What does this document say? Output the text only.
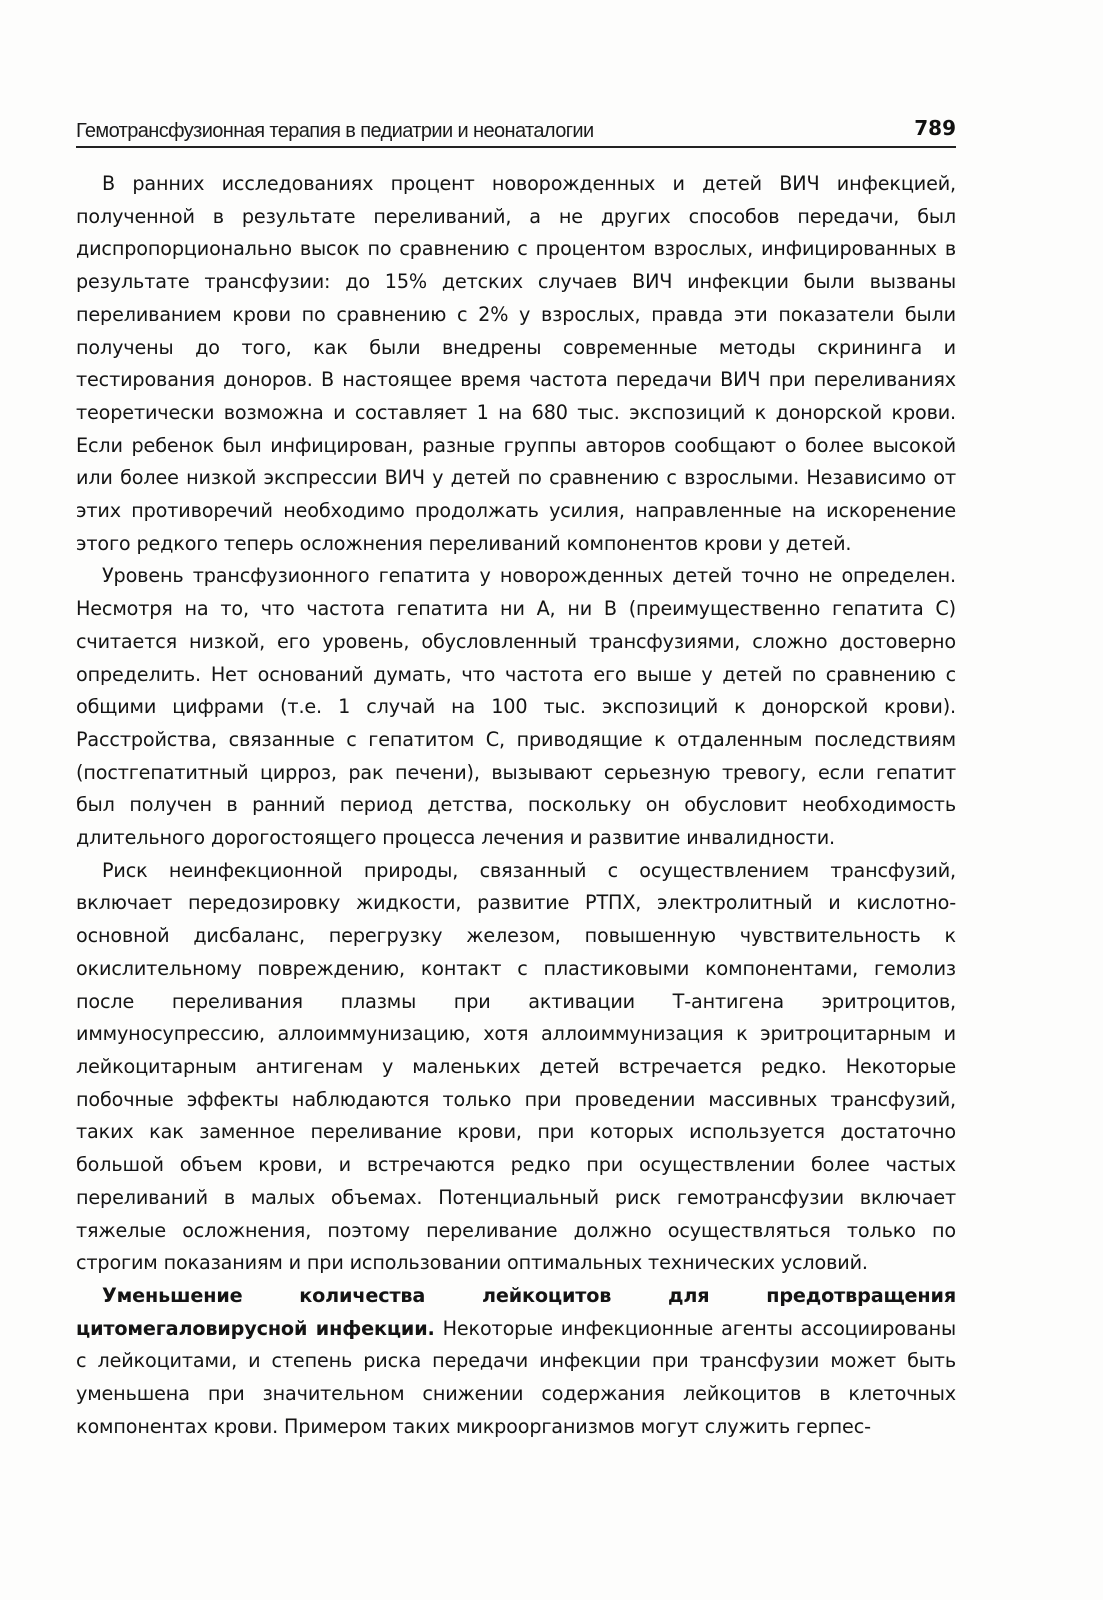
Гемотрансфузионная терапия в педиатрии и неонаталогии	789

В ранних исследованиях процент новорожденных и детей ВИЧ инфекцией, полученной в результате переливаний, а не других способов передачи, был диспропорционально высок по сравнению с процентом взрослых, инфицированных в результате трансфузии: до 15% детских случаев ВИЧ инфекции были вызваны переливанием крови по сравнению с 2% у взрослых, правда эти показатели были получены до того, как были внедрены современные методы скрининга и тестирования доноров. В настоящее время частота передачи ВИЧ при переливаниях теоретически возможна и составляет 1 на 680 тыс. экспозиций к донорской крови. Если ребенок был инфицирован, разные группы авторов сообщают о более высокой или более низкой экспрессии ВИЧ у детей по сравнению с взрослыми. Независимо от этих противоречий необходимо продолжать усилия, направленные на искоренение этого редкого теперь осложнения переливаний компонентов крови у детей.

Уровень трансфузионного гепатита у новорожденных детей точно не определен. Несмотря на то, что частота гепатита ни А, ни В (преимущественно гепатита С) считается низкой, его уровень, обусловленный трансфузиями, сложно достоверно определить. Нет оснований думать, что частота его выше у детей по сравнению с общими цифрами (т.е. 1 случай на 100 тыс. экспозиций к донорской крови). Расстройства, связанные с гепатитом С, приводящие к отдаленным последствиям (постгепатитный цирроз, рак печени), вызывают серьезную тревогу, если гепатит был получен в ранний период детства, поскольку он обусловит необходимость длительного дорогостоящего процесса лечения и развитие инвалидности.

Риск неинфекционной природы, связанный с осуществлением трансфузий, включает передозировку жидкости, развитие РТПХ, электролитный и кислотно-основной дисбаланс, перегрузку железом, повышенную чувствительность к окислительному повреждению, контакт с пластиковыми компонентами, гемолиз после переливания плазмы при активации Т-антигена эритроцитов, иммуносупрессию, аллоиммунизацию, хотя аллоиммунизация к эритроцитарным и лейкоцитарным антигенам у маленьких детей встречается редко. Некоторые побочные эффекты наблюдаются только при проведении массивных трансфузий, таких как заменное переливание крови, при которых используется достаточно большой объем крови, и встречаются редко при осуществлении более частых переливаний в малых объемах. Потенциальный риск гемотрансфузии включает тяжелые осложнения, поэтому переливание должно осуществляться только по строгим показаниям и при использовании оптимальных технических условий.

Уменьшение количества лейкоцитов для предотвращения цитомегаловирусной инфекции. Некоторые инфекционные агенты ассоциированы с лейкоцитами, и степень риска передачи инфекции при трансфузии может быть уменьшена при значительном снижении содержания лейкоцитов в клеточных компонентах крови. Примером таких микроорганизмов могут служить герпес-
